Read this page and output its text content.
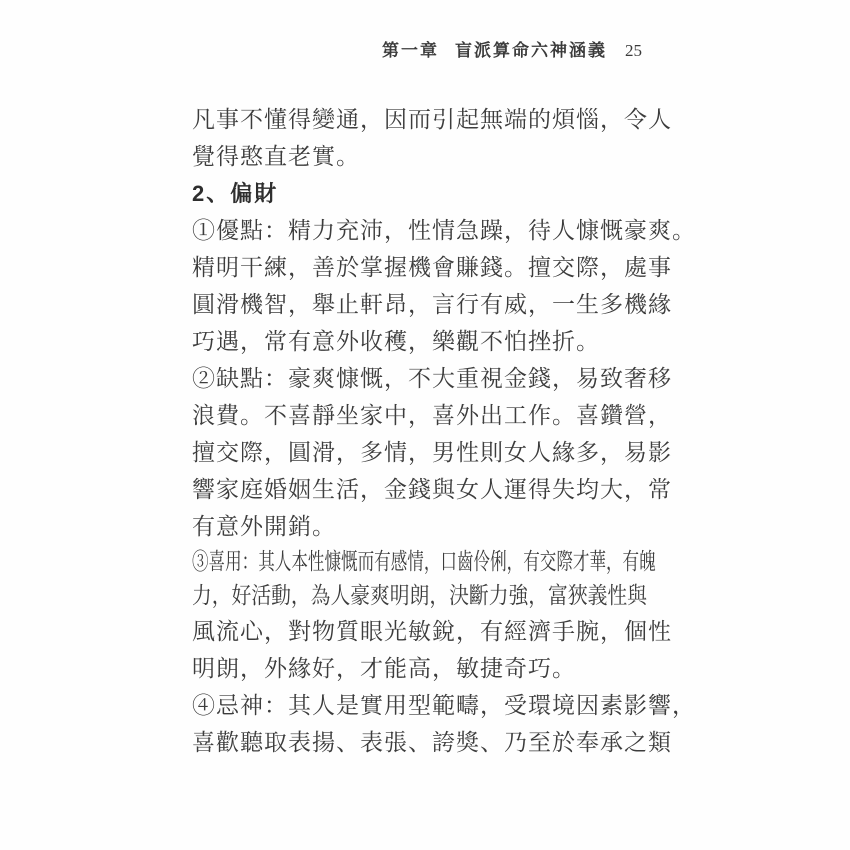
第一章 盲派算命六神涵義 25
凡事不懂得變通，因而引起無端的煩惱，令人
覺得憨直老實。
2、偏財
①優點：精力充沛，性情急躁，待人慷慨豪爽。
精明干練，善於掌握機會賺錢。擅交際，處事
圓滑機智，舉止軒昂，言行有威，一生多機緣
巧遇，常有意外收穫，樂觀不怕挫折。
②缺點：豪爽慷慨，不大重視金錢，易致奢移
浪費。不喜靜坐家中，喜外出工作。喜鑽營，
擅交際，圓滑，多情，男性則女人緣多，易影
響家庭婚姻生活，金錢與女人運得失均大，常
有意外開銷。
③喜用：其人本性慷慨而有感情，口齒伶俐，有交際才華，有魄
力，好活動，為人豪爽明朗，決斷力強，富狹義性與
風流心，對物質眼光敏銳，有經濟手腕，個性
明朗，外緣好，才能高，敏捷奇巧。
④忌神：其人是實用型範疇，受環境因素影響，
喜歡聽取表揚、表張、誇獎、乃至於奉承之類
